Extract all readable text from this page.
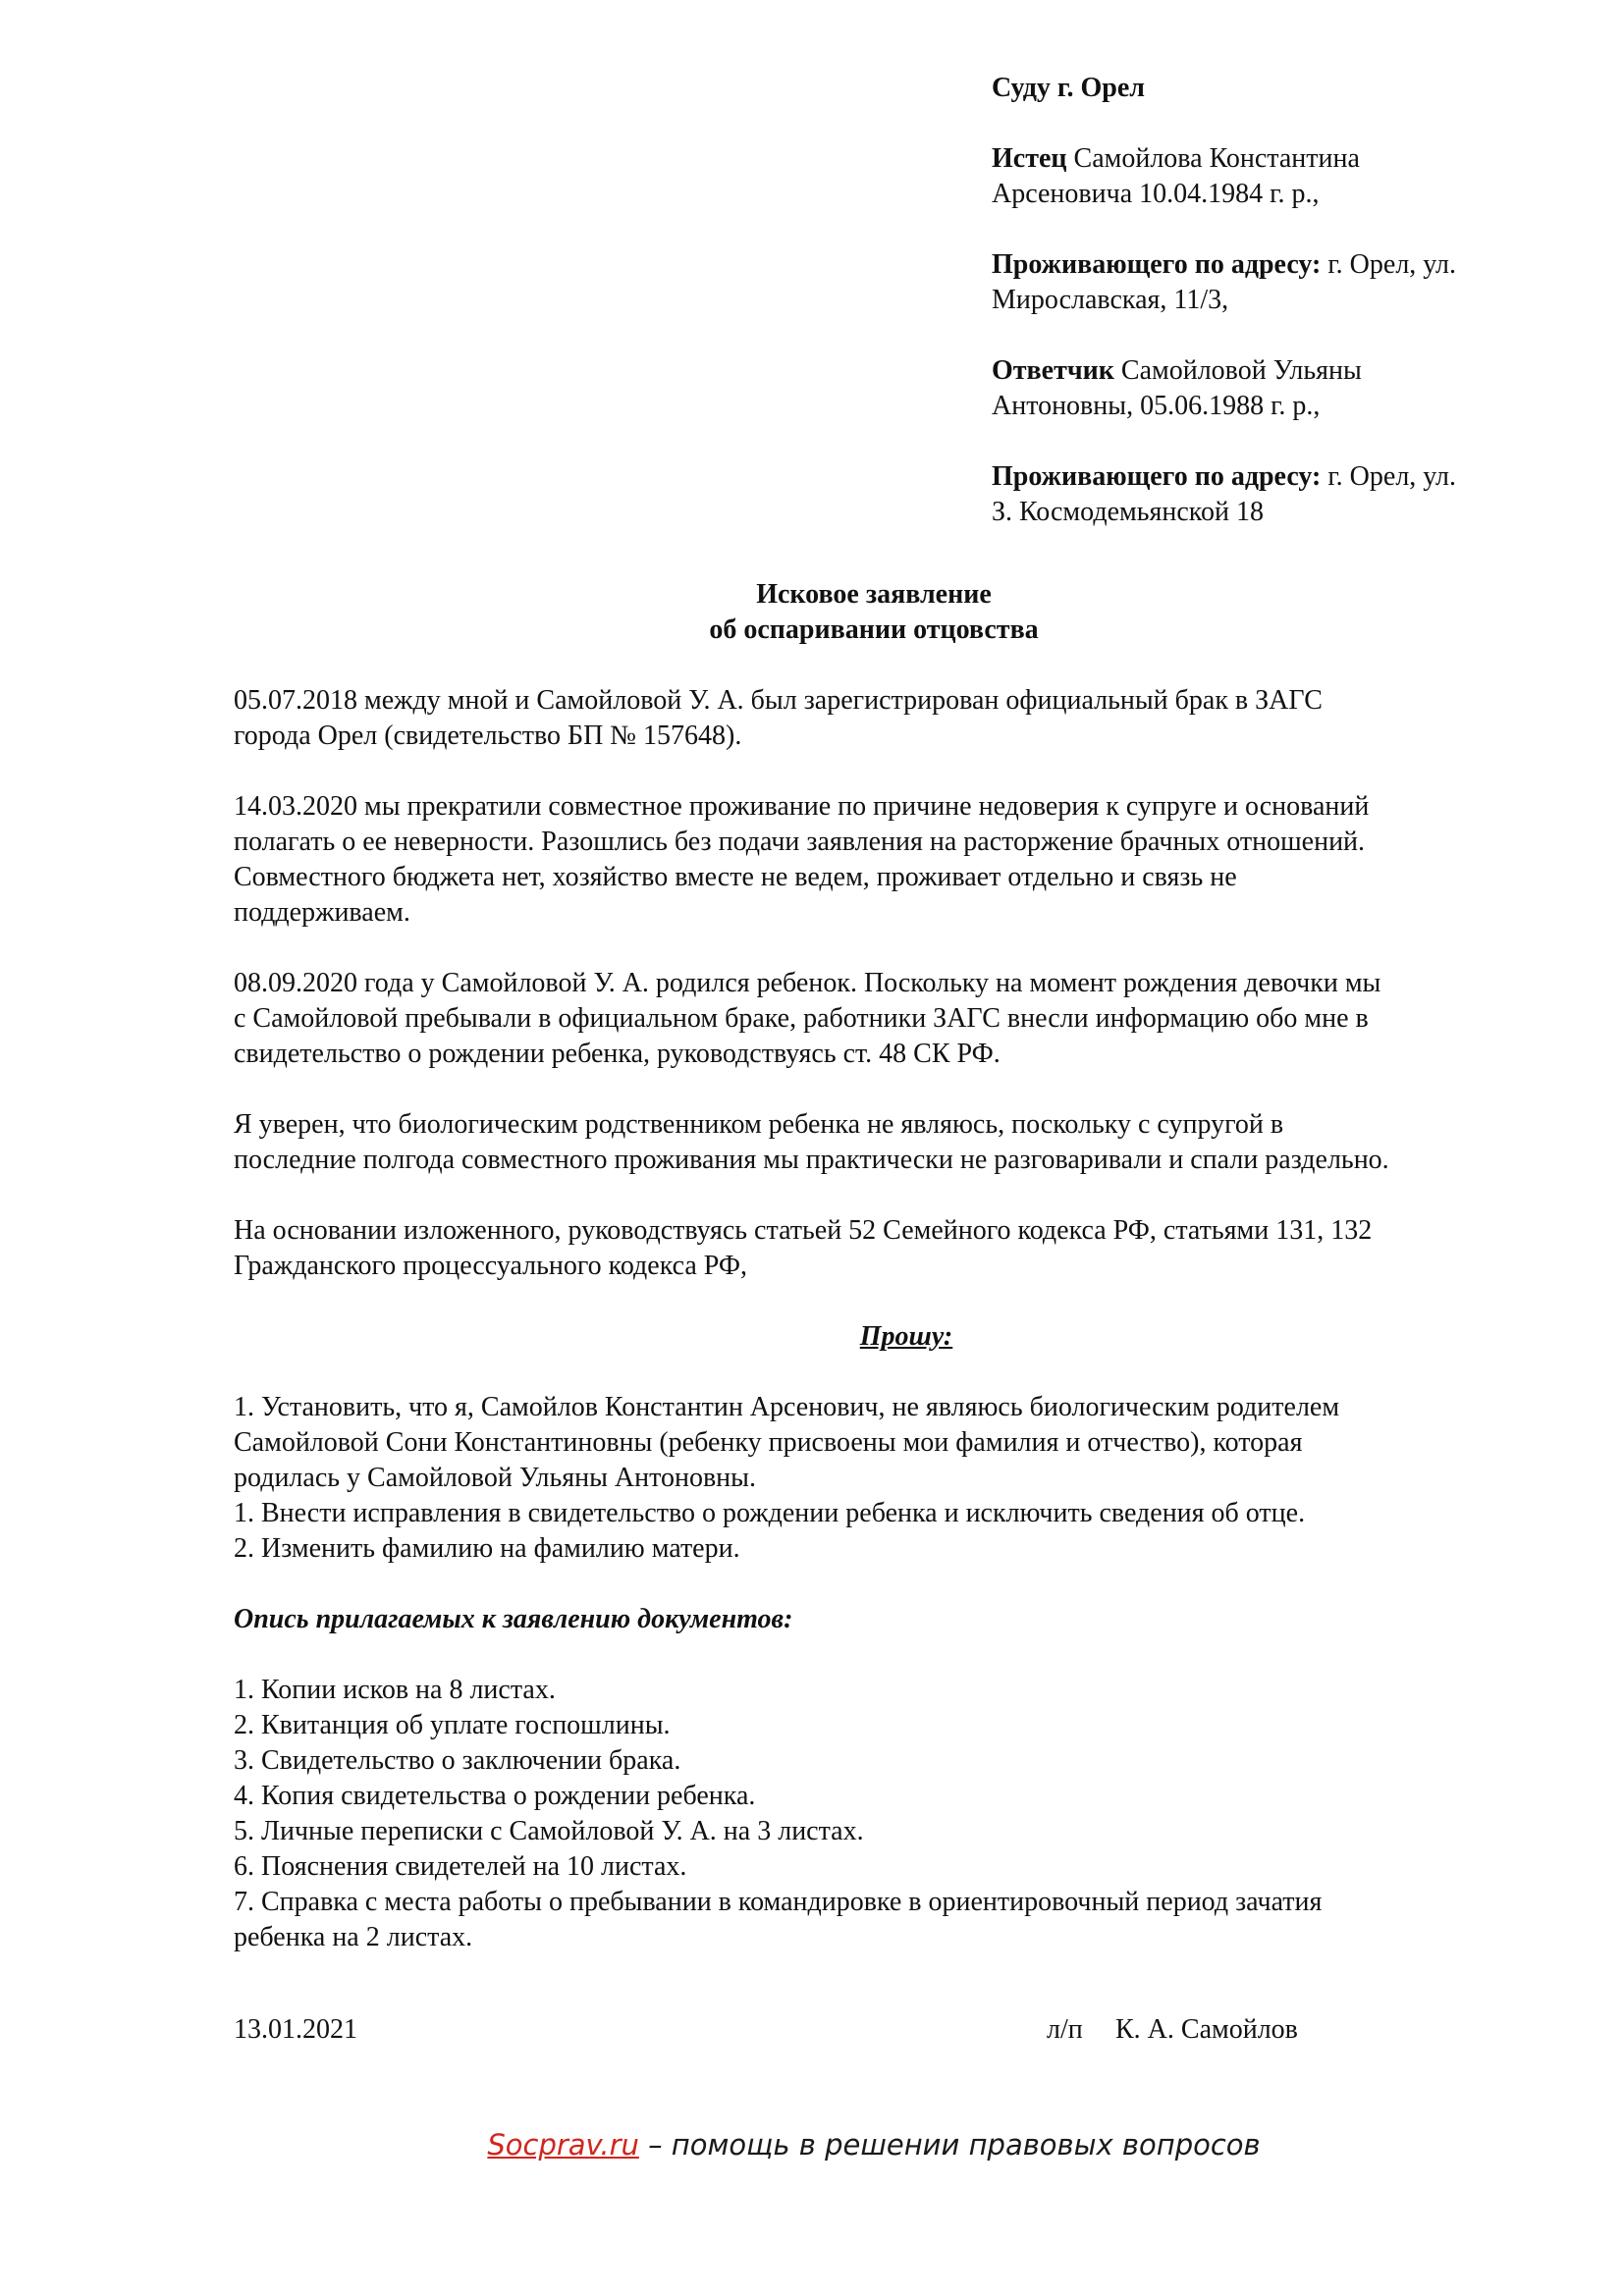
Суду г. Орел

Истец Самойлова Константина
Арсеновича 10.04.1984 г. р.,

Проживающего по адресу: г. Орел, ул.
Мирославская, 11/3,

Ответчик Самойловой Ульяны
Антоновны, 05.06.1988 г. р.,

Проживающего по адресу: г. Орел, ул.
З. Космодемьянской 18

Исковое заявление
об оспаривании отцовства
05.07.2018 между мной и Самойловой У. А. был зарегистрирован официальный брак в ЗАГС
города Орел (свидетельство БП № 157648).
14.03.2020 мы прекратили совместное проживание по причине недоверия к супруге и оснований
полагать о ее неверности. Разошлись без подачи заявления на расторжение брачных отношений.
Совместного бюджета нет, хозяйство вместе не ведем, проживает отдельно и связь не
поддерживаем.
08.09.2020 года у Самойловой У. А. родился ребенок. Поскольку на момент рождения девочки мы
с Самойловой пребывали в официальном браке, работники ЗАГС внесли информацию обо мне в
свидетельство о рождении ребенка, руководствуясь ст. 48 СК РФ.
Я уверен, что биологическим родственником ребенка не являюсь, поскольку с супругой в
последние полгода совместного проживания мы практически не разговаривали и спали раздельно.
На основании изложенного, руководствуясь статьей 52 Семейного кодекса РФ, статьями 131, 132
Гражданского процессуального кодекса РФ,
Прошу:
1. Установить, что я, Самойлов Константин Арсенович, не являюсь биологическим родителем
Самойловой Сони Константиновны (ребенку присвоены мои фамилия и отчество), которая
родилась у Самойловой Ульяны Антоновны.
1. Внести исправления в свидетельство о рождении ребенка и исключить сведения об отце.
2. Изменить фамилию на фамилию матери.
Опись прилагаемых к заявлению документов:
1. Копии исков на 8 листах.
2. Квитанция об уплате госпошлины.
3. Свидетельство о заключении брака.
4. Копия свидетельства о рождении ребенка.
5. Личные переписки с Самойловой У. А. на 3 листах.
6. Пояснения свидетелей на 10 листах.
7. Справка с места работы о пребывании в командировке в ориентировочный период зачатия
ребенка на 2 листах.
13.01.2021	л/п К. А. Самойлов
Socprav.ru – помощь в решении правовых вопросов
